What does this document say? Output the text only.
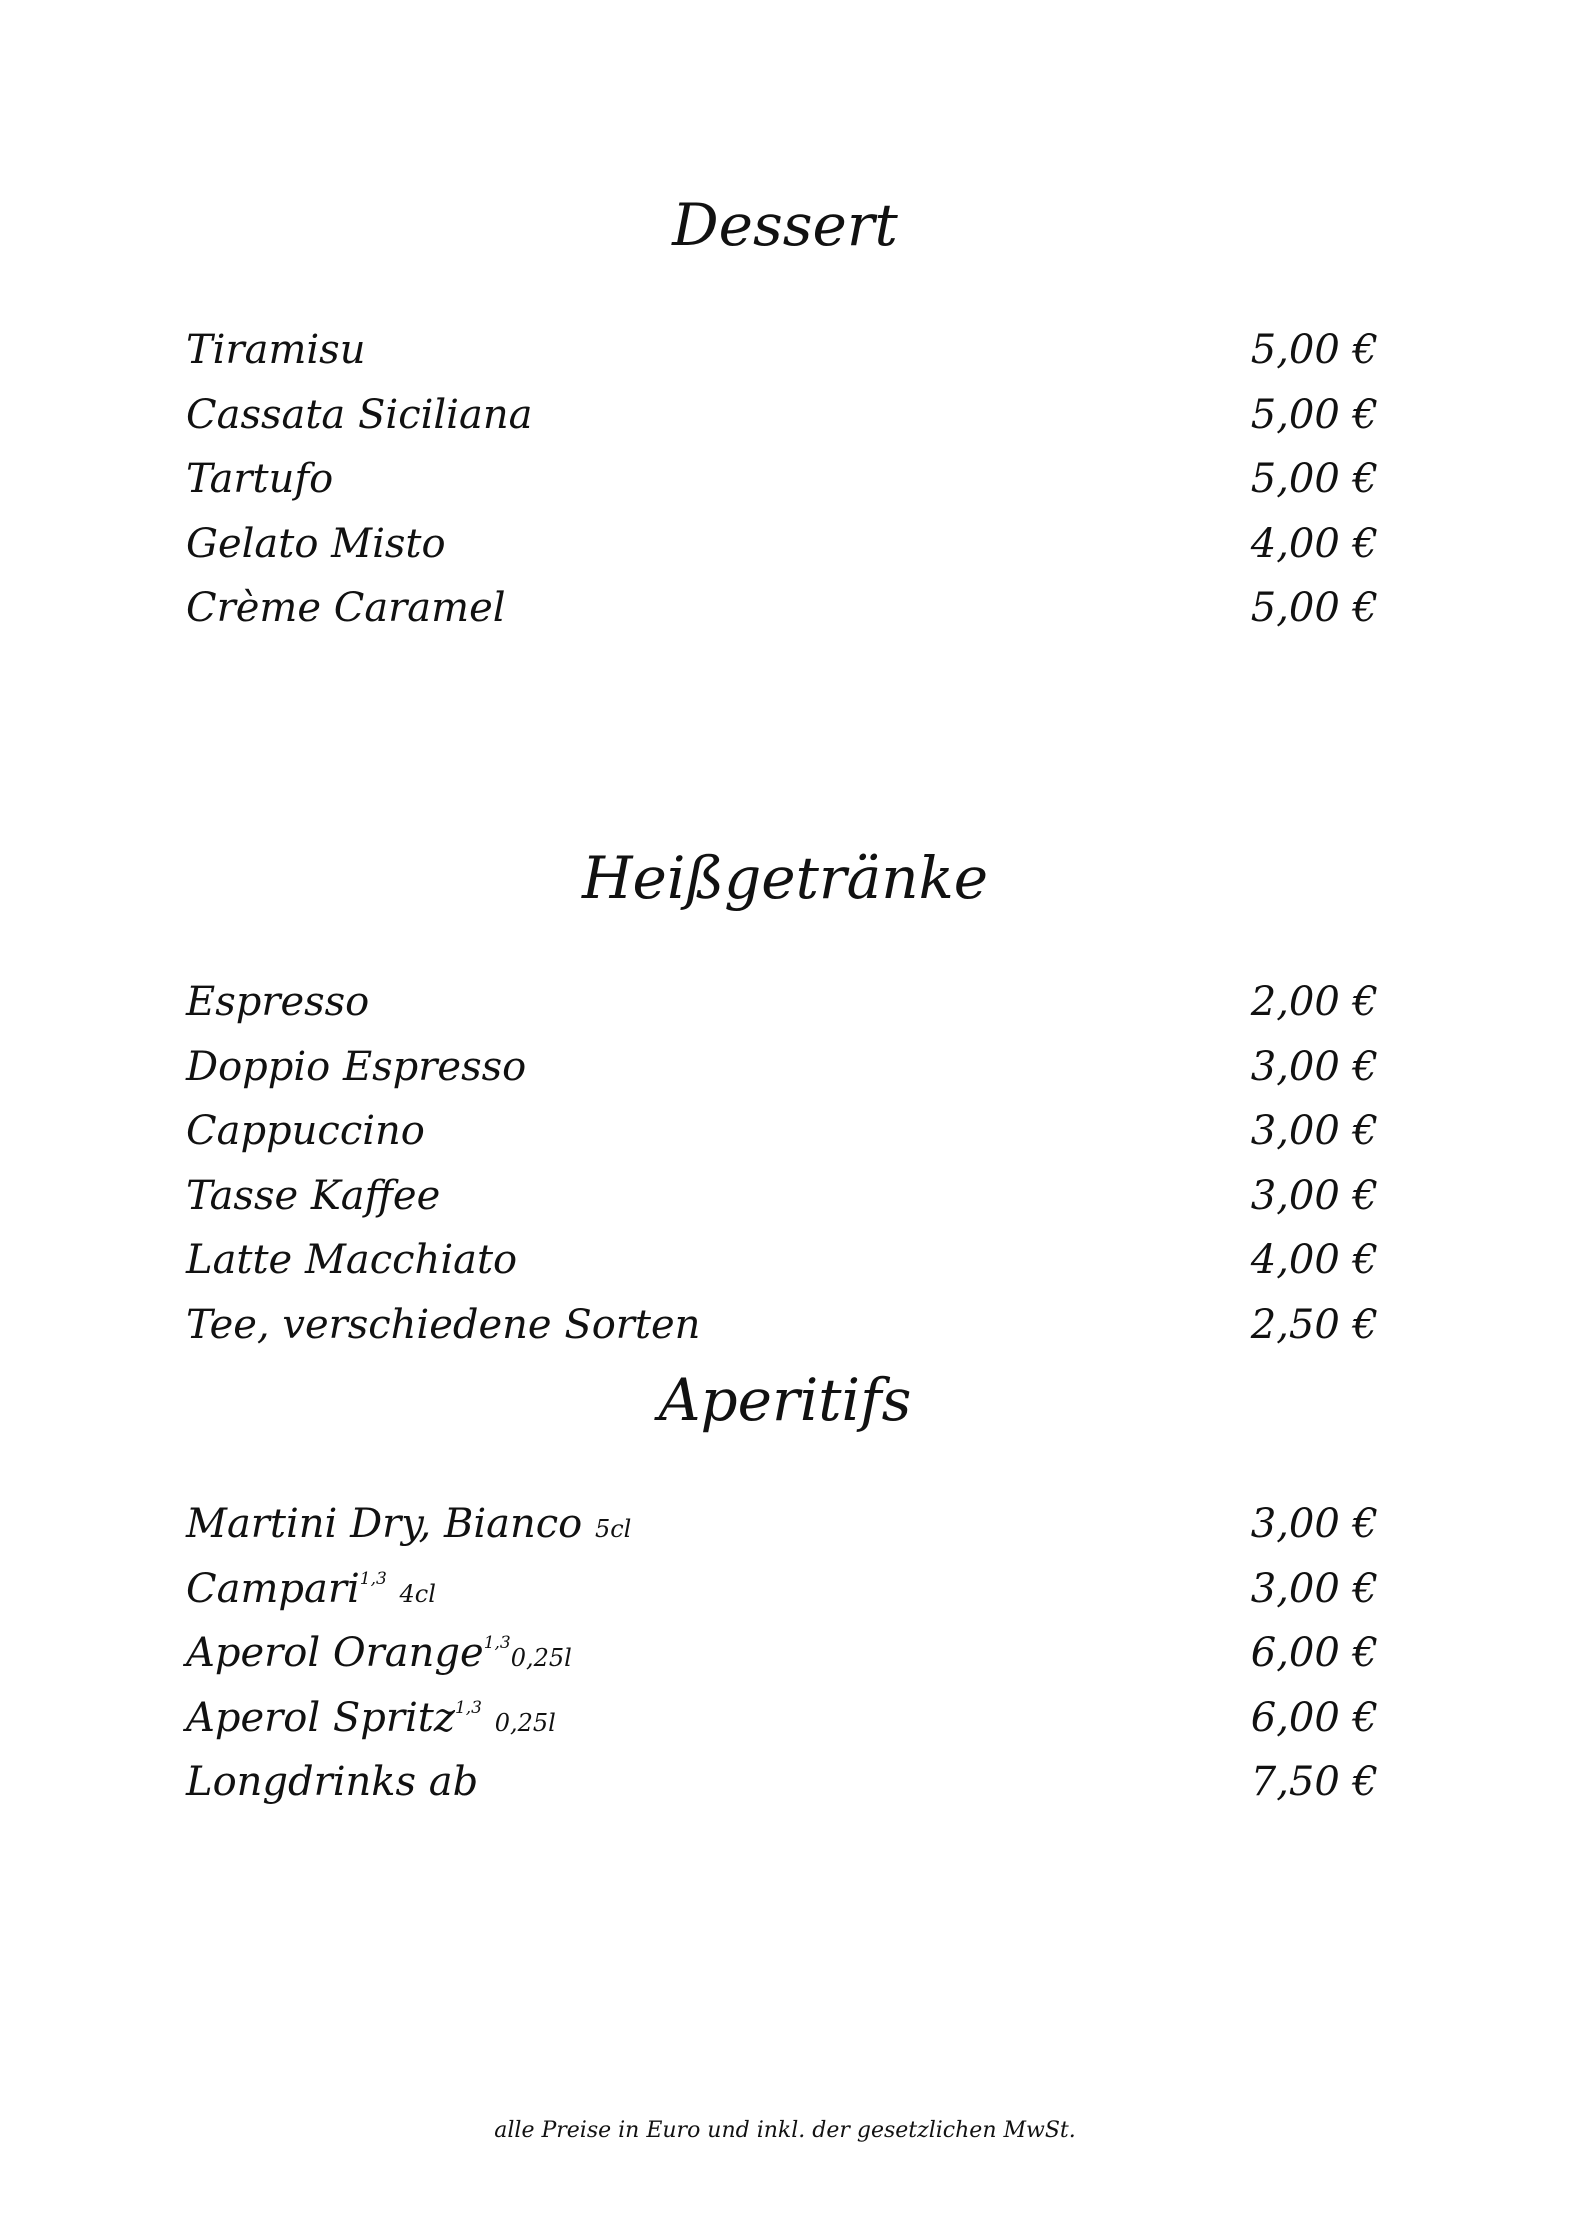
Dessert
Tiramisu	5,00 €
Cassata Siciliana	5,00 €
Tartufo	5,00 €
Gelato Misto	4,00 €
Crème Caramel	5,00 €
Heißgetränke
Espresso	2,00 €
Doppio Espresso	3,00 €
Cappuccino	3,00 €
Tasse Kaffee	3,00 €
Latte Macchiato	4,00 €
Tee, verschiedene Sorten	2,50 €
Aperitifs
Martini Dry, Bianco 5cl	3,00 €
Campari$^{1,3}$ 4cl	3,00 €
Aperol Orange$^{1,3}$0,25l	6,00 €
Aperol Spritz$^{1,3}$ 0,25l	6,00 €
Longdrinks ab	7,50 €
alle Preise in Euro und inkl. der gesetzlichen MwSt.
